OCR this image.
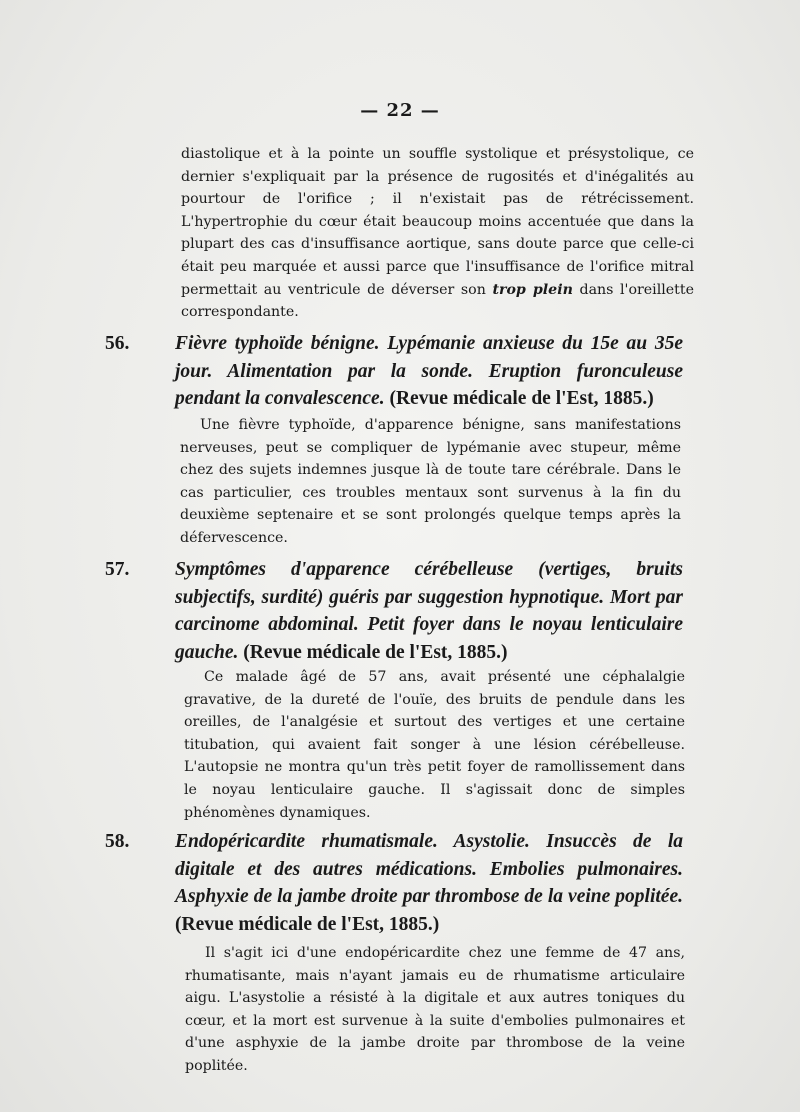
— 22 —

diastolique et à la pointe un souffle systolique et présystolique, ce dernier s'expliquait par la présence de rugosités et d'inégalités au pourtour de l'orifice ; il n'existait pas de rétrécissement. L'hypertrophie du cœur était beaucoup moins accentuée que dans la plupart des cas d'insuffisance aortique, sans doute parce que celle-ci était peu marquée et aussi parce que l'insuffisance de l'orifice mitral permettait au ventricule de déverser son trop plein dans l'oreillette correspondante.

56. Fièvre typhoïde bénigne. Lypémanie anxieuse du 15e au 35e jour. Alimentation par la sonde. Eruption furonculeuse pendant la convalescence. (Revue médicale de l'Est, 1885.)

Une fièvre typhoïde, d'apparence bénigne, sans manifestations nerveuses, peut se compliquer de lypémanie avec stupeur, même chez des sujets indemnes jusque là de toute tare cérébrale. Dans le cas particulier, ces troubles mentaux sont survenus à la fin du deuxième septenaire et se sont prolongés quelque temps après la défervescence.

57. Symptômes d'apparence cérébelleuse (vertiges, bruits subjectifs, surdité) guéris par suggestion hypnotique. Mort par carcinome abdominal. Petit foyer dans le noyau lenticulaire gauche. (Revue médicale de l'Est, 1885.)

Ce malade âgé de 57 ans, avait présenté une céphalalgie gravative, de la dureté de l'ouïe, des bruits de pendule dans les oreilles, de l'analgésie et surtout des vertiges et une certaine titubation, qui avaient fait songer à une lésion cérébelleuse. L'autopsie ne montra qu'un très petit foyer de ramollissement dans le noyau lenticulaire gauche. Il s'agissait donc de simples phénomènes dynamiques.

58. Endopéricardite rhumatismale. Asystolie. Insuccès de la digitale et des autres médications. Embolies pulmonaires. Asphyxie de la jambe droite par thrombose de la veine poplitée. (Revue médicale de l'Est, 1885.)

Il s'agit ici d'une endopéricardite chez une femme de 47 ans, rhumatisante, mais n'ayant jamais eu de rhumatisme articulaire aigu. L'asystolie a résisté à la digitale et aux autres toniques du cœur, et la mort est survenue à la suite d'embolies pulmonaires et d'une asphyxie de la jambe droite par thrombose de la veine poplitée.
